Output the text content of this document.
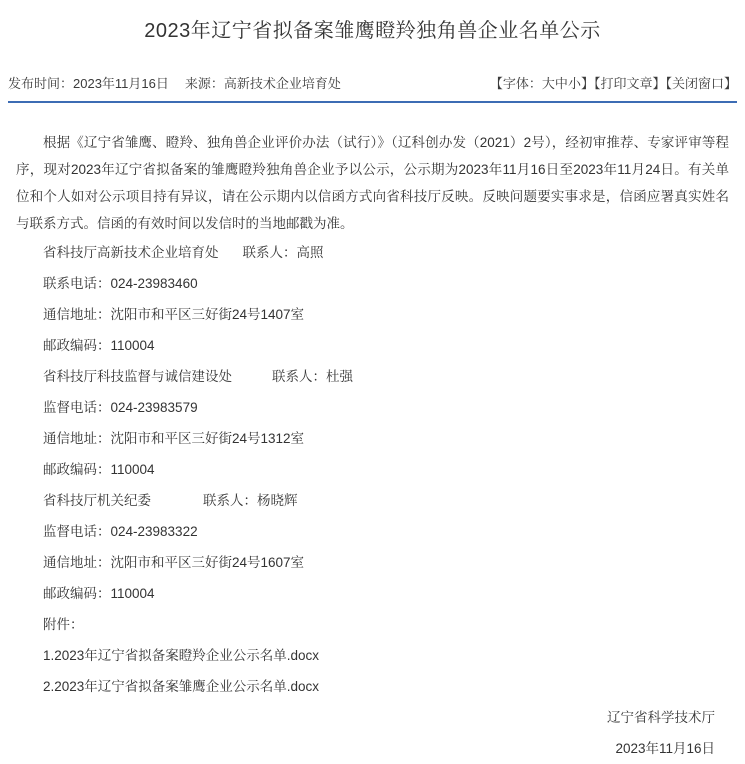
2023年辽宁省拟备案雏鹰瞪羚独角兽企业名单公示
发布时间：2023年11月16日 来源：高新技术企业培育处	【字体：大中小】【打印文章】【关闭窗口】

根据《辽宁省雏鹰、瞪羚、独角兽企业评价办法（试行）》（辽科创办发（2021）2号），经初审推荐、专家评审等程序，现对2023年辽宁省拟备案的雏鹰瞪羚独角兽企业予以公示，公示期为2023年11月16日至2023年11月24日。有关单位和个人如对公示项目持有异议，请在公示期内以信函方式向省科技厅反映。反映问题要实事求是，信函应署真实姓名与联系方式。信函的有效时间以发信时的当地邮戳为准。

省科技厅高新技术企业培育处 联系人：高照

联系电话：024-23983460

通信地址：沈阳市和平区三好街24号1407室

邮政编码：110004

省科技厅科技监督与诚信建设处	联系人：杜强

监督电话：024-23983579

通信地址：沈阳市和平区三好街24号1312室

邮政编码：110004

省科技厅机关纪委	联系人：杨晓辉

监督电话：024-23983322

通信地址：沈阳市和平区三好街24号1607室

邮政编码：110004

附件：

1.2023年辽宁省拟备案瞪羚企业公示名单.docx

2.2023年辽宁省拟备案雏鹰企业公示名单.docx

辽宁省科学技术厅

2023年11月16日
